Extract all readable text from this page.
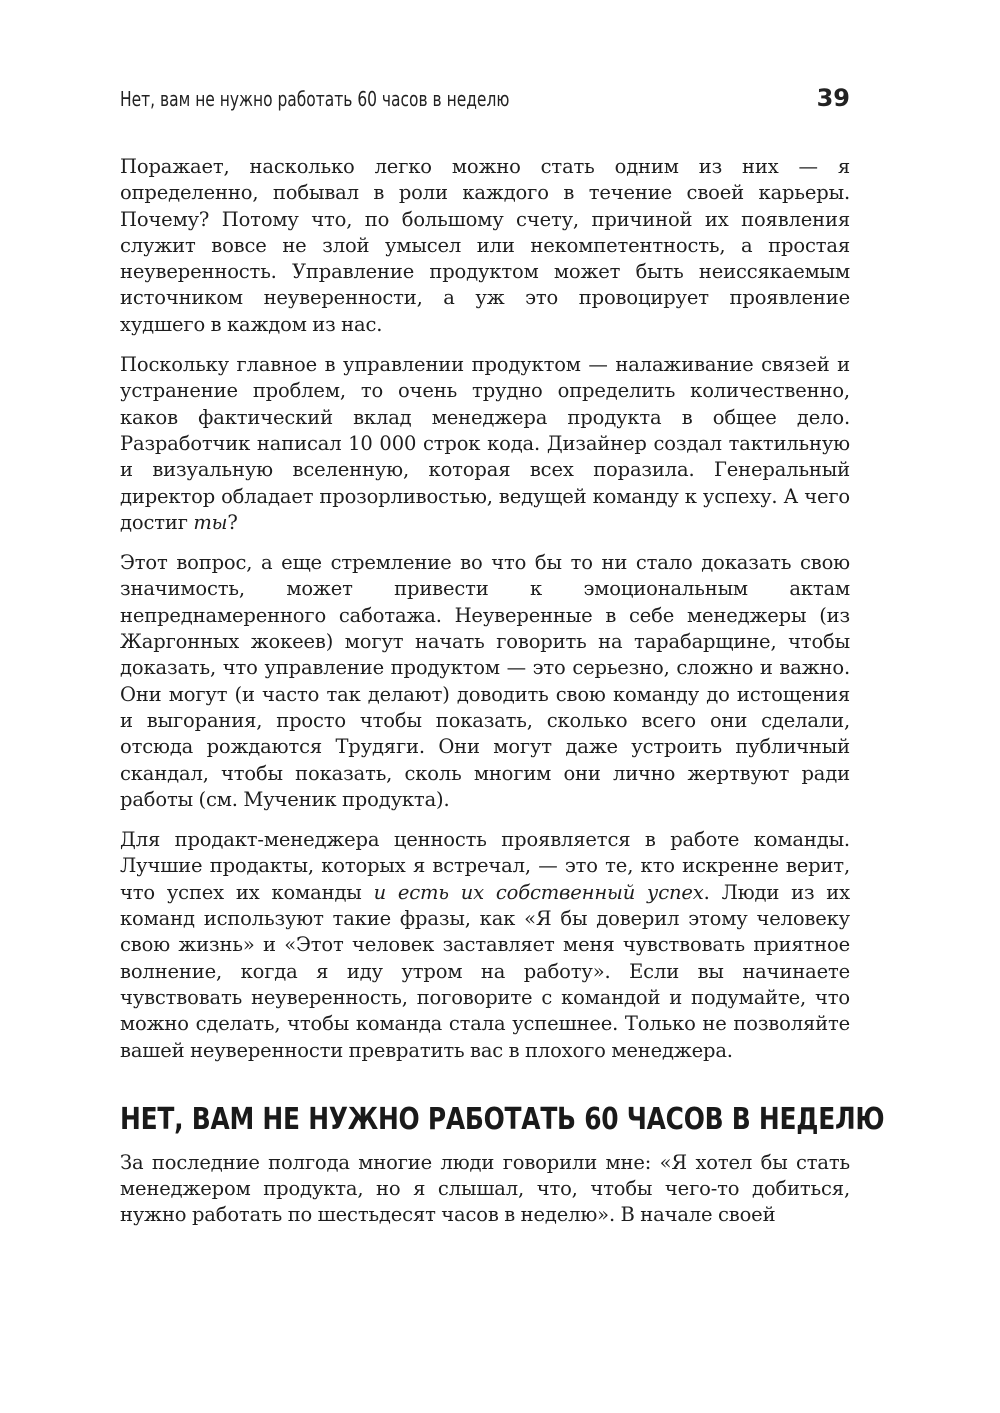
Нет, вам не нужно работать 60 часов в неделю	39

Поражает, насколько легко можно стать одним из них — я определенно, побывал в роли каждого в течение своей карьеры. Почему? Потому что, по большому счету, причиной их появления служит вовсе не злой умысел или некомпетентность, а простая неуверенность. Управление продуктом может быть неиссякаемым источником неуверенности, а уж это провоцирует проявление худшего в каждом из нас.

Поскольку главное в управлении продуктом — налаживание связей и устранение проблем, то очень трудно определить количественно, каков фактический вклад менеджера продукта в общее дело. Разработчик написал 10 000 строк кода. Дизайнер создал тактильную и визуальную вселенную, которая всех поразила. Генеральный директор обладает прозорливостью, ведущей команду к успеху. А чего достиг ты?

Этот вопрос, а еще стремление во что бы то ни стало доказать свою значимость, может привести к эмоциональным актам непреднамеренного саботажа. Неуверенные в себе менеджеры (из Жаргонных жокеев) могут начать говорить на тарабарщине, чтобы доказать, что управление продуктом — это серьезно, сложно и важно. Они могут (и часто так делают) доводить свою команду до истощения и выгорания, просто чтобы показать, сколько всего они сделали, отсюда рождаются Трудяги. Они могут даже устроить публичный скандал, чтобы показать, сколь многим они лично жертвуют ради работы (см. Мученик продукта).

Для продакт-менеджера ценность проявляется в работе команды. Лучшие продакты, которых я встречал, — это те, кто искренне верит, что успех их команды и есть их собственный успех. Люди из их команд используют такие фразы, как «Я бы доверил этому человеку свою жизнь» и «Этот человек заставляет меня чувствовать приятное волнение, когда я иду утром на работу». Если вы начинаете чувствовать неуверенность, поговорите с командой и подумайте, что можно сделать, чтобы команда стала успешнее. Только не позволяйте вашей неуверенности превратить вас в плохого менеджера.

НЕТ, ВАМ НЕ НУЖНО РАБОТАТЬ 60 ЧАСОВ В НЕДЕЛЮ

За последние полгода многие люди говорили мне: «Я хотел бы стать менеджером продукта, но я слышал, что, чтобы чего-то добиться, нужно работать по шестьдесят часов в неделю». В начале своей
